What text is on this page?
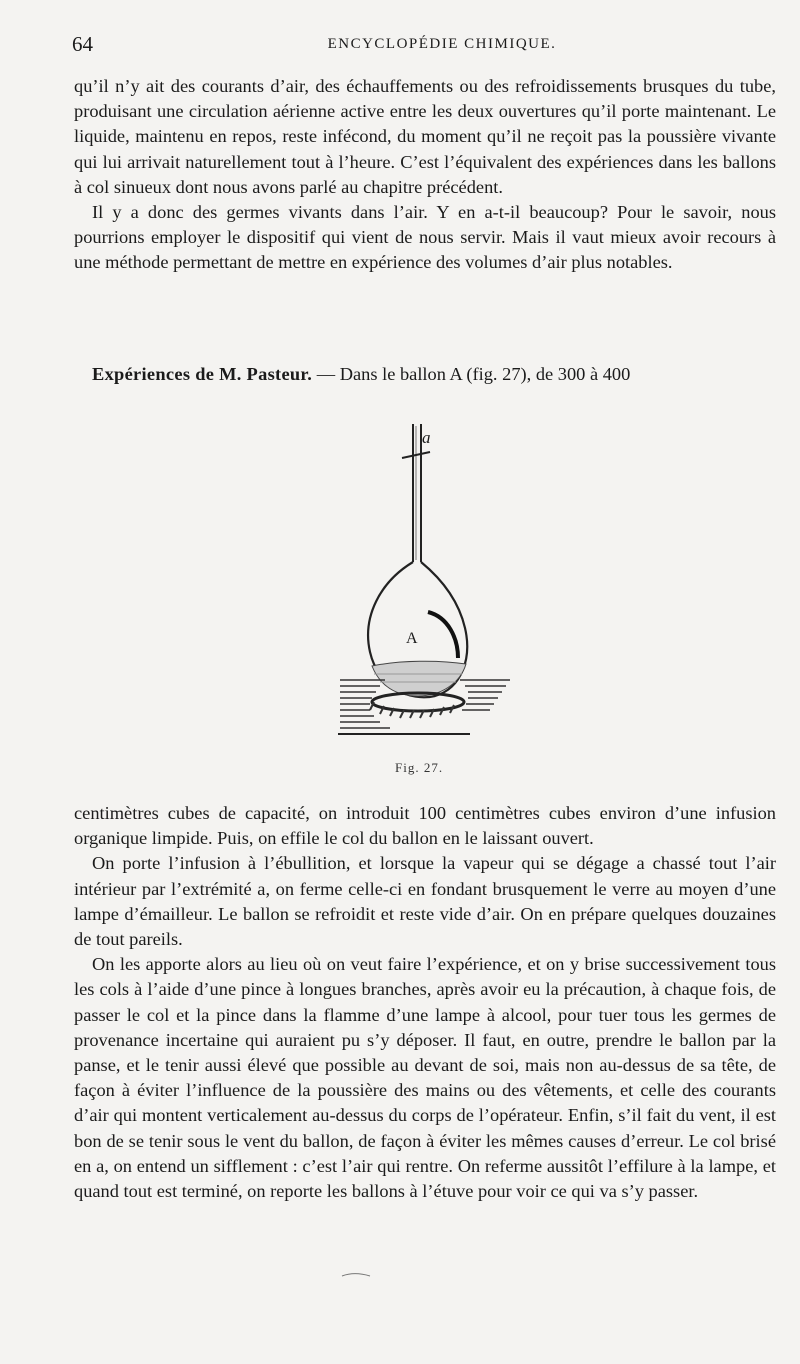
64	ENCYCLOPÉDIE CHIMIQUE.

qu’il n’y ait des courants d’air, des échauffements ou des refroidissements brusques du tube, produisant une circulation aérienne active entre les deux ouvertures qu’il porte maintenant. Le liquide, maintenu en repos, reste infécond, du moment qu’il ne reçoit pas la poussière vivante qui lui arrivait naturellement tout à l’heure. C’est l’équivalent des expériences dans les ballons à col sinueux dont nous avons parlé au chapitre précédent.

Il y a donc des germes vivants dans l’air. Y en a-t-il beaucoup? Pour le savoir, nous pourrions employer le dispositif qui vient de nous servir. Mais il vaut mieux avoir recours à une méthode permettant de mettre en expérience des volumes d’air plus notables.

Expériences de M. Pasteur. — Dans le ballon A (fig. 27), de 300 à 400

a
A
Fig. 27.

centimètres cubes de capacité, on introduit 100 centimètres cubes environ d’une infusion organique limpide. Puis, on effile le col du ballon en le laissant ouvert.

On porte l’infusion à l’ébullition, et lorsque la vapeur qui se dégage a chassé tout l’air intérieur par l’extrémité a, on ferme celle-ci en fondant brusquement le verre au moyen d’une lampe d’émailleur. Le ballon se refroidit et reste vide d’air. On en prépare quelques douzaines de tout pareils.

On les apporte alors au lieu où on veut faire l’expérience, et on y brise successivement tous les cols à l’aide d’une pince à longues branches, après avoir eu la précaution, à chaque fois, de passer le col et la pince dans la flamme d’une lampe à alcool, pour tuer tous les germes de provenance incertaine qui auraient pu s’y déposer. Il faut, en outre, prendre le ballon par la panse, et le tenir aussi élevé que possible au devant de soi, mais non au-dessus de sa tête, de façon à éviter l’influence de la poussière des mains ou des vêtements, et celle des courants d’air qui montent verticalement au-dessus du corps de l’opérateur. Enfin, s’il fait du vent, il est bon de se tenir sous le vent du ballon, de façon à éviter les mêmes causes d’erreur. Le col brisé en a, on entend un sifflement : c’est l’air qui rentre. On referme aussitôt l’effilure à la lampe, et quand tout est terminé, on reporte les ballons à l’étuve pour voir ce qui va s’y passer.
